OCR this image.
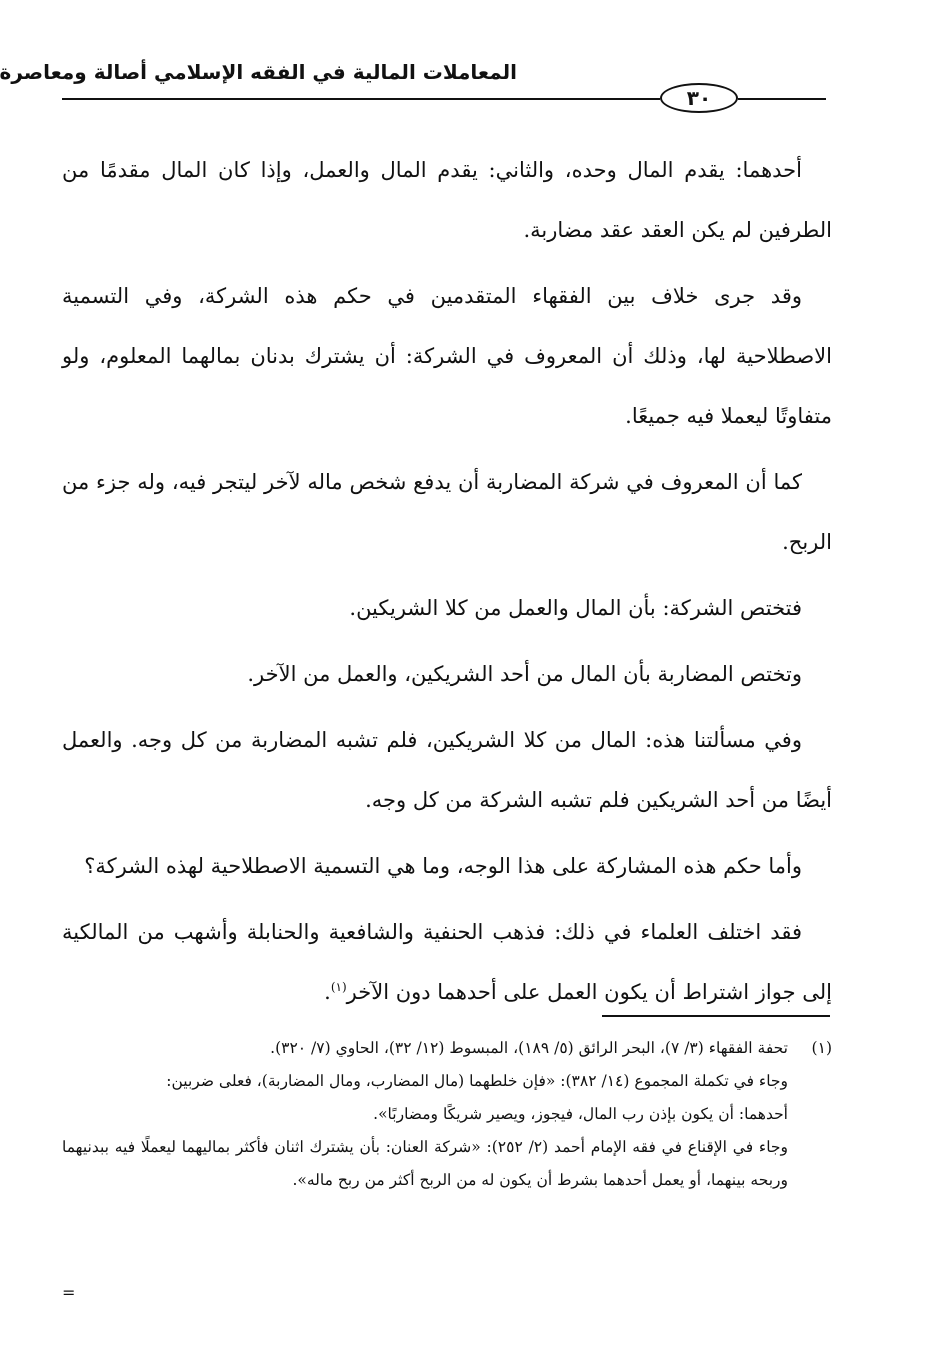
المعاملات المالية في الفقه الإسلامي أصالة ومعاصرة
٣٠

أحدهما: يقدم المال وحده، والثاني: يقدم المال والعمل، وإذا كان المال مقدمًا من الطرفين لم يكن العقد عقد مضاربة.

وقد جرى خلاف بين الفقهاء المتقدمين في حكم هذه الشركة، وفي التسمية الاصطلاحية لها، وذلك أن المعروف في الشركة: أن يشترك بدنان بمالهما المعلوم، ولو متفاوتًا ليعملا فيه جميعًا.

كما أن المعروف في شركة المضاربة أن يدفع شخص ماله لآخر ليتجر فيه، وله جزء من الربح.

فتختص الشركة: بأن المال والعمل من كلا الشريكين.

وتختص المضاربة بأن المال من أحد الشريكين، والعمل من الآخر.

وفي مسألتنا هذه: المال من كلا الشريكين، فلم تشبه المضاربة من كل وجه. والعمل أيضًا من أحد الشريكين فلم تشبه الشركة من كل وجه.

وأما حكم هذه المشاركة على هذا الوجه، وما هي التسمية الاصطلاحية لهذه الشركة؟

فقد اختلف العلماء في ذلك: فذهب الحنفية والشافعية والحنابلة وأشهب من المالكية إلى جواز اشتراط أن يكون العمل على أحدهما دون الآخر$^{(١)}$.

(١)تحفة الفقهاء (٣/ ٧)، البحر الرائق (٥/ ١٨٩)، المبسوط (١٢/ ٣٢)، الحاوي (٧/ ٣٢٠).

وجاء في تكملة المجموع (١٤/ ٣٨٢): «فإن خلطهما (مال المضارب، ومال المضاربة)، فعلى ضربين:

أحدهما: أن يكون بإذن رب المال، فيجوز، ويصير شريكًا ومضاربًا».

وجاء في الإقناع في فقه الإمام أحمد (٢/ ٢٥٢): «شركة العنان: بأن يشترك اثنان فأكثر بماليهما ليعملًا فيه ببدنيهما وربحه بينهما، أو يعمل أحدهما بشرط أن يكون له من الربح أكثر من ربح ماله».

=
